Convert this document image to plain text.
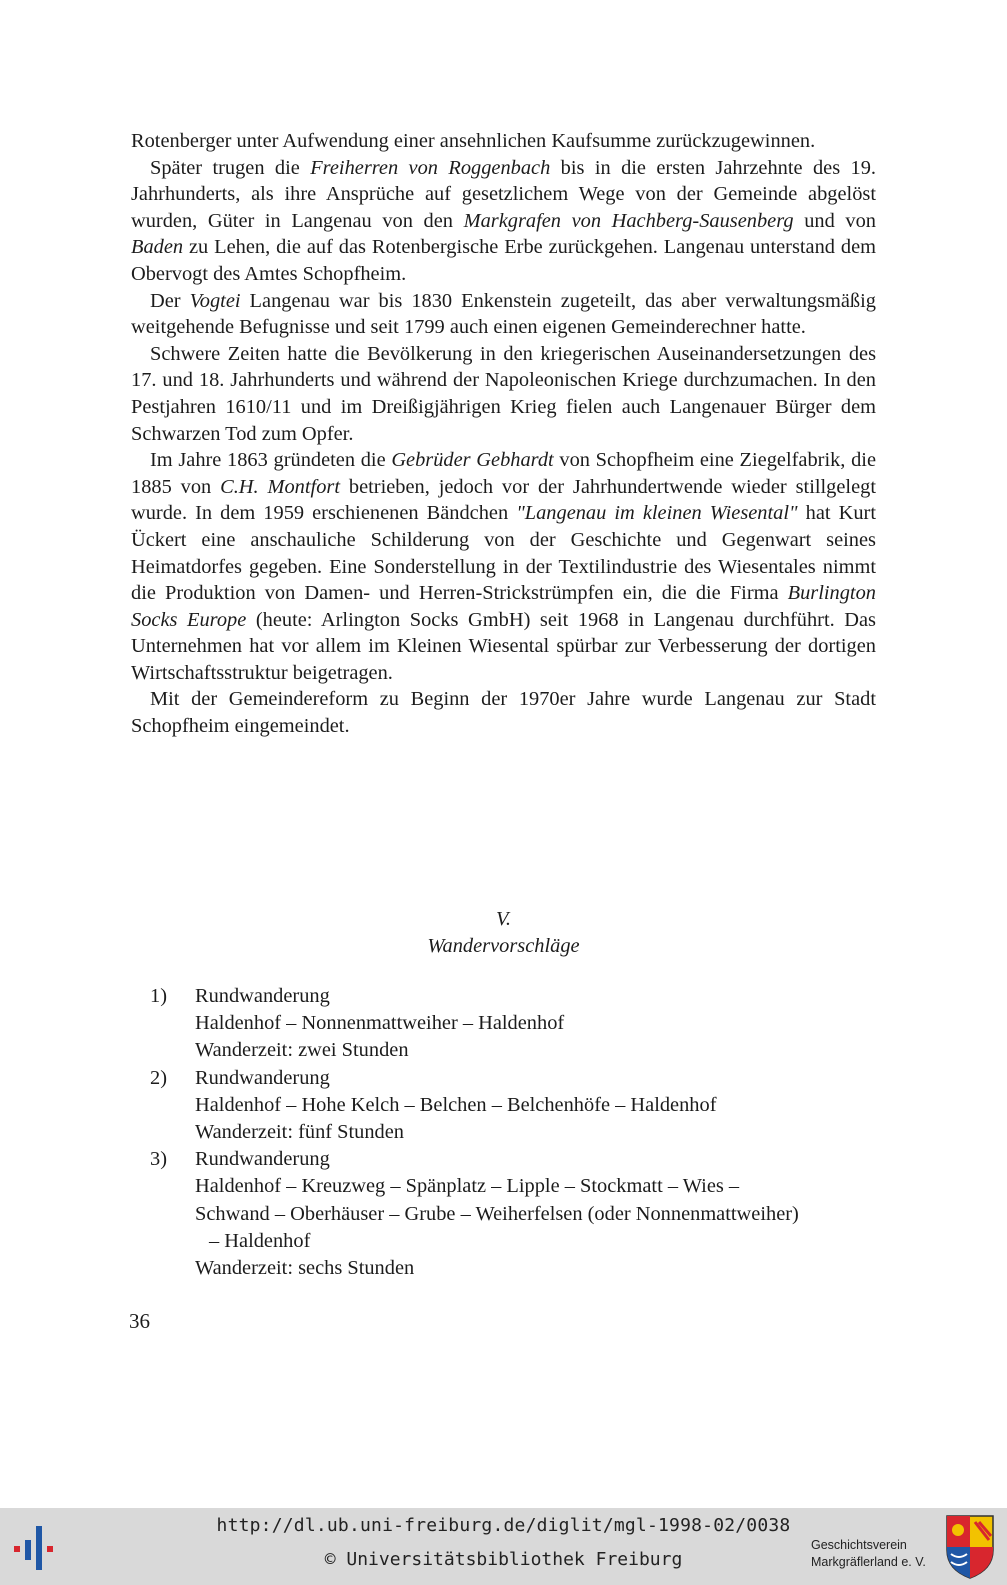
Rotenberger unter Aufwendung einer ansehnlichen Kaufsumme zurückzugewinnen.

Später trugen die Freiherren von Roggenbach bis in die ersten Jahrzehnte des 19. Jahrhunderts, als ihre Ansprüche auf gesetzlichem Wege von der Gemeinde abgelöst wurden, Güter in Langenau von den Markgrafen von Hachberg-Sausenberg und von Baden zu Lehen, die auf das Rotenbergische Erbe zurückgehen. Langenau unterstand dem Obervogt des Amtes Schopfheim.

Der Vogtei Langenau war bis 1830 Enkenstein zugeteilt, das aber verwaltungsmäßig weitgehende Befugnisse und seit 1799 auch einen eigenen Gemeinderechner hatte.

Schwere Zeiten hatte die Bevölkerung in den kriegerischen Auseinandersetzungen des 17. und 18. Jahrhunderts und während der Napoleonischen Kriege durchzumachen. In den Pestjahren 1610/11 und im Dreißigjährigen Krieg fielen auch Langenauer Bürger dem Schwarzen Tod zum Opfer.

Im Jahre 1863 gründeten die Gebrüder Gebhardt von Schopfheim eine Ziegelfabrik, die 1885 von C.H. Montfort betrieben, jedoch vor der Jahrhundertwende wieder stillgelegt wurde. In dem 1959 erschienenen Bändchen "Langenau im kleinen Wiesental" hat Kurt Ückert eine anschauliche Schilderung von der Geschichte und Gegenwart seines Heimatdorfes gegeben. Eine Sonderstellung in der Textilindustrie des Wiesentales nimmt die Produktion von Damen- und Herren-Strickstrümpfen ein, die die Firma Burlington Socks Europe (heute: Arlington Socks GmbH) seit 1968 in Langenau durchführt. Das Unternehmen hat vor allem im Kleinen Wiesental spürbar zur Verbesserung der dortigen Wirtschaftsstruktur beigetragen.

Mit der Gemeindereform zu Beginn der 1970er Jahre wurde Langenau zur Stadt Schopfheim eingemeindet.

V.
Wandervorschläge
1)	Rundwanderung
Haldenhof – Nonnenmattweiher – Haldenhof
Wanderzeit: zwei Stunden
2)	Rundwanderung
Haldenhof – Hohe Kelch – Belchen – Belchenhöfe – Haldenhof
Wanderzeit: fünf Stunden
3)	Rundwanderung
Haldenhof – Kreuzweg – Spänplatz – Lipple – Stockmatt – Wies –
Schwand – Oberhäuser – Grube – Weiherfelsen (oder Nonnenmattweiher)
– Haldenhof
Wanderzeit: sechs Stunden
36
http://dl.ub.uni-freiburg.de/diglit/mgl-1998-02/0038
© Universitätsbibliothek Freiburg
Geschichtsverein
Markgräflerland e. V.
